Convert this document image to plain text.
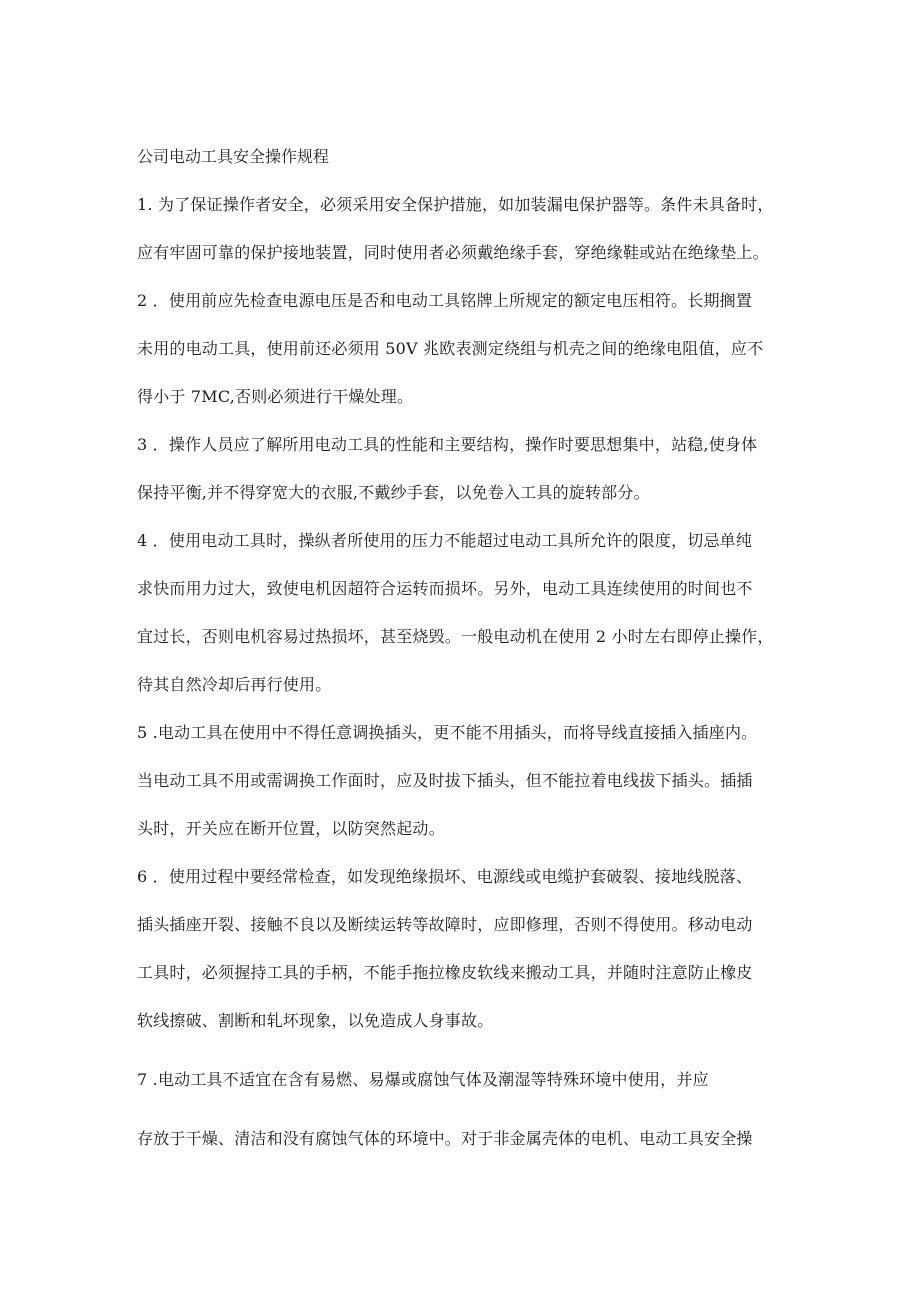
公司电动工具安全操作规程
1. 为了保证操作者安全，必须采用安全保护措施，如加装漏电保护器等。条件未具备时，
应有牢固可靠的保护接地装置，同时使用者必须戴绝缘手套，穿绝缘鞋或站在绝缘垫上。
2 ．使用前应先检查电源电压是否和电动工具铭牌上所规定的额定电压相符。长期搁置
未用的电动工具，使用前还必须用 50V 兆欧表测定绕组与机壳之间的绝缘电阻值，应不
得小于 7MC,否则必须进行干燥处理。
3 ．操作人员应了解所用电动工具的性能和主要结构，操作时要思想集中，站稳,使身体
保持平衡,并不得穿宽大的衣服,不戴纱手套，以免卷入工具的旋转部分。
4 ．使用电动工具时，操纵者所使用的压力不能超过电动工具所允许的限度，切忌单纯
求快而用力过大，致使电机因超符合运转而损坏。另外，电动工具连续使用的时间也不
宜过长，否则电机容易过热损坏，甚至烧毁。一般电动机在使用 2 小时左右即停止操作，
待其自然冷却后再行使用。
5 .电动工具在使用中不得任意调换插头，更不能不用插头，而将导线直接插入插座内。
当电动工具不用或需调换工作面时，应及时拔下插头，但不能拉着电线拔下插头。插插
头时，开关应在断开位置，以防突然起动。
6 ．使用过程中要经常检查，如发现绝缘损坏、电源线或电缆护套破裂、接地线脱落、
插头插座开裂、接触不良以及断续运转等故障时，应即修理，否则不得使用。移动电动
工具时，必须握持工具的手柄，不能手拖拉橡皮软线来搬动工具，并随时注意防止橡皮
软线擦破、割断和轧坏现象，以免造成人身事故。
7 .电动工具不适宜在含有易燃、易爆或腐蚀气体及潮湿等特殊环境中使用，并应
存放于干燥、清洁和没有腐蚀气体的环境中。对于非金属壳体的电机、电动工具安全操
